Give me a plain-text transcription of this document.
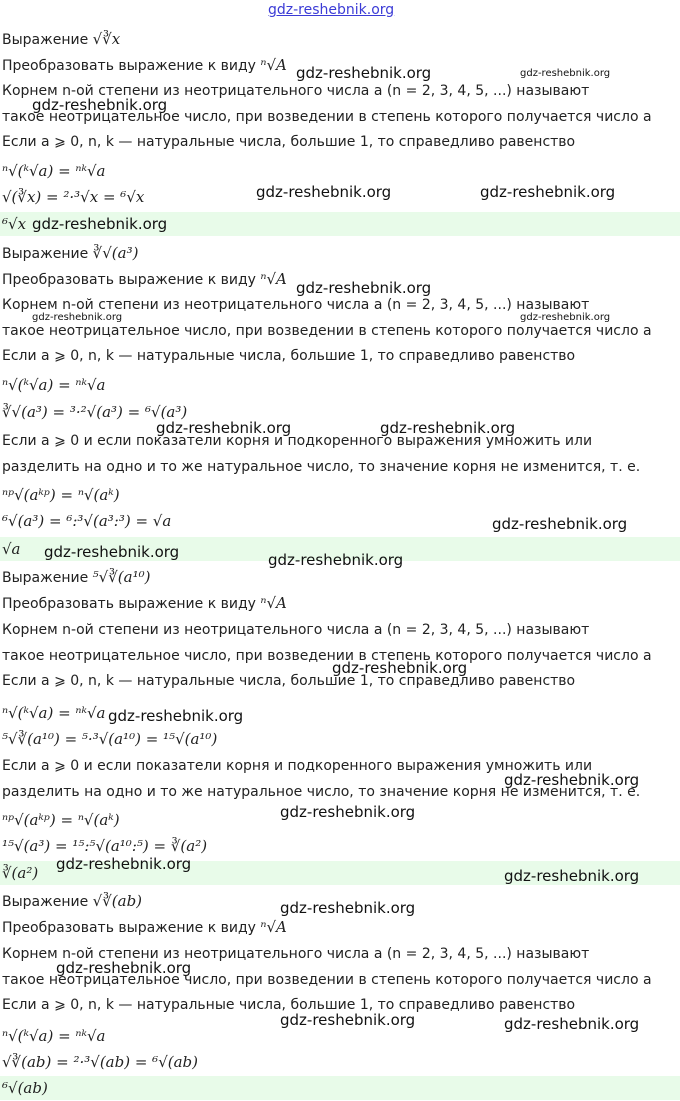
gdz-reshebnik.org
Выражение √∛x
Преобразовать выражение к виду ⁿ√A
Корнем n-ой степени из неотрицательного числа a (n = 2, 3, 4, 5, ...) называют
такое неотрицательное число, при возведении в степень которого получается число a
Если a ⩾ 0, n, k — натуральные числа, большие 1, то справедливо равенство
ⁿ√(ᵏ√a) = ⁿᵏ√a
√(∛x) = ²·³√x = ⁶√x
⁶√x
Выражение ∛√(a³)
Преобразовать выражение к виду ⁿ√A
Корнем n-ой степени из неотрицательного числа a (n = 2, 3, 4, 5, ...) называют
такое неотрицательное число, при возведении в степень которого получается число a
Если a ⩾ 0, n, k — натуральные числа, большие 1, то справедливо равенство
ⁿ√(ᵏ√a) = ⁿᵏ√a
∛√(a³) = ³·²√(a³) = ⁶√(a³)
Если a ⩾ 0 и если показатели корня и подкоренного выражения умножить или
разделить на одно и то же натуральное число, то значение корня не изменится, т. е.
ⁿᵖ√(aᵏᵖ) = ⁿ√(aᵏ)
⁶√(a³) = ⁶:³√(a³:³) = √a
√a
Выражение ⁵√∛(a¹⁰)
Преобразовать выражение к виду ⁿ√A
Корнем n-ой степени из неотрицательного числа a (n = 2, 3, 4, 5, ...) называют
такое неотрицательное число, при возведении в степень которого получается число a
Если a ⩾ 0, n, k — натуральные числа, большие 1, то справедливо равенство
ⁿ√(ᵏ√a) = ⁿᵏ√a
⁵√∛(a¹⁰) = ⁵·³√(a¹⁰) = ¹⁵√(a¹⁰)
Если a ⩾ 0 и если показатели корня и подкоренного выражения умножить или
разделить на одно и то же натуральное число, то значение корня не изменится, т. е.
ⁿᵖ√(aᵏᵖ) = ⁿ√(aᵏ)
¹⁵√(a³) = ¹⁵:⁵√(a¹⁰:⁵) = ∛(a²)
∛(a²)
Выражение √∛(ab)
Преобразовать выражение к виду ⁿ√A
Корнем n-ой степени из неотрицательного числа a (n = 2, 3, 4, 5, ...) называют
такое неотрицательное число, при возведении в степень которого получается число a
Если a ⩾ 0, n, k — натуральные числа, большие 1, то справедливо равенство
ⁿ√(ᵏ√a) = ⁿᵏ√a
√∛(ab) = ²·³√(ab) = ⁶√(ab)
⁶√(ab)
gdz-reshebnik.org	gdz-reshebnik.org
gdz-reshebnik.org
gdz-reshebnik.org	gdz-reshebnik.org
gdz-reshebnik.org
gdz-reshebnik.org
gdz-reshebnik.org	gdz-reshebnik.org
gdz-reshebnik.org	gdz-reshebnik.org
gdz-reshebnik.org
gdz-reshebnik.org	gdz-reshebnik.org
gdz-reshebnik.org
gdz-reshebnik.org
gdz-reshebnik.org
gdz-reshebnik.org
gdz-reshebnik.org
gdz-reshebnik.org
gdz-reshebnik.org
gdz-reshebnik.org
gdz-reshebnik.org	gdz-reshebnik.org
